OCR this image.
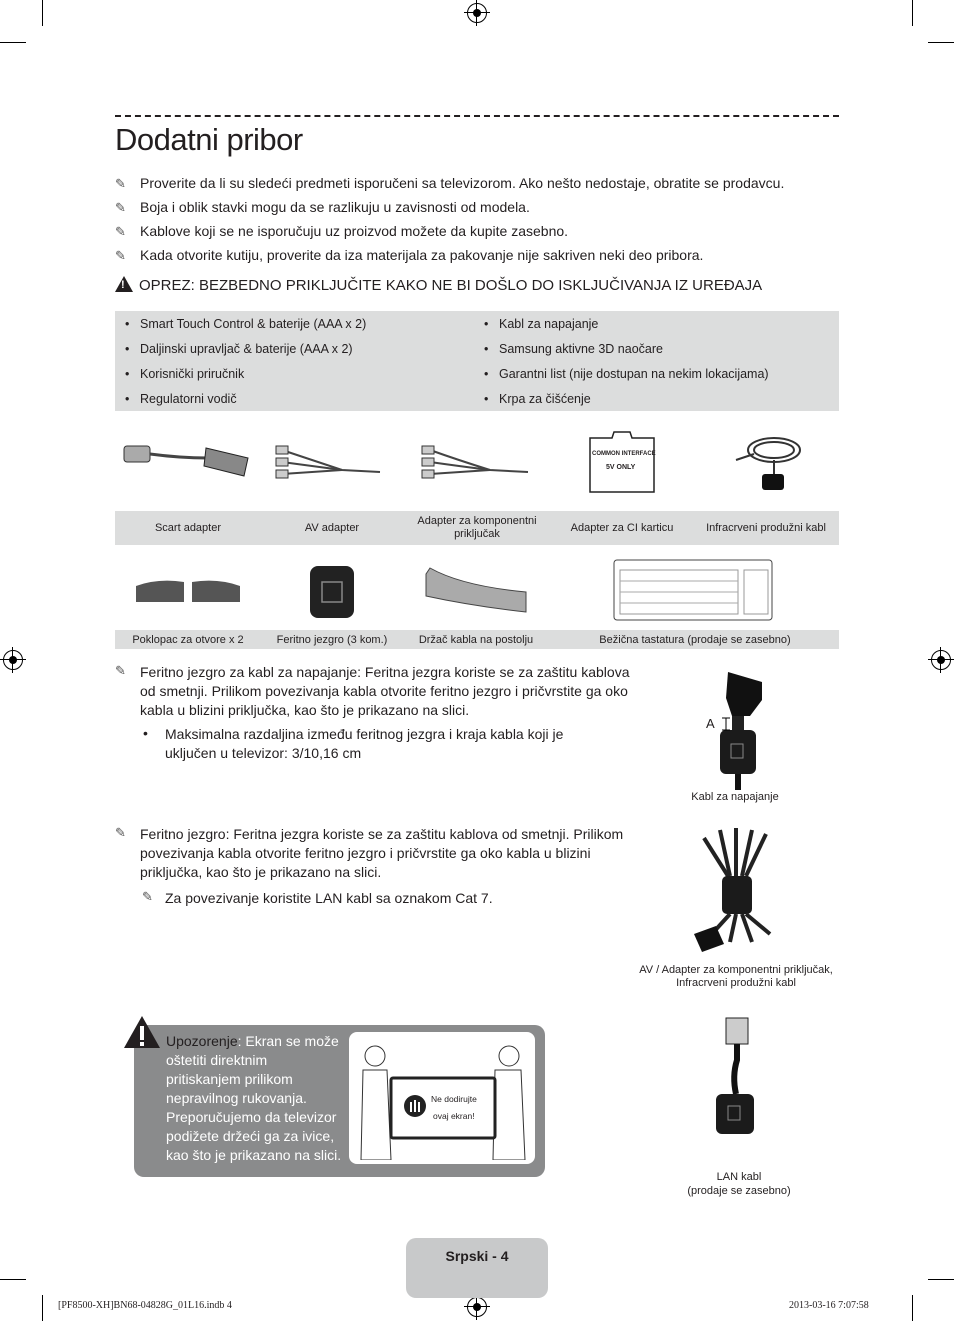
Dodatni pribor
✎ Proverite da li su sledeći predmeti isporučeni sa televizorom. Ako nešto nedostaje, obratite se prodavcu.
✎ Boja i oblik stavki mogu da se razlikuju u zavisnosti od modela.
✎ Kablove koji se ne isporučuju uz proizvod možete da kupite zasebno.
✎ Kada otvorite kutiju, proverite da iza materijala za pakovanje nije sakriven neki deo pribora.
!OPREZ: BEZBEDNO PRIKLJUČITE KAKO NE BI DOŠLO DO ISKLJUČIVANJA IZ UREĐAJA
• Smart Touch Control & baterije (AAA x 2)
• Daljinski upravljač & baterije (AAA x 2)
• Korisnički priručnik
• Regulatorni vodič
• Kabl za napajanje
• Samsung aktivne 3D naočare
• Garantni list (nije dostupan na nekim lokacijama)
• Krpa za čišćenje
COMMON INTERFACE
5V ONLY
Scart adapter	AV adapter
Adapter za komponentni priključak	Adapter za CI karticu	Infracrveni produžni kabl
Poklopac za otvore x 2	Feritno jezgro (3 kom.)	Držač kabla na postolju	Bežična tastatura (prodaje se zasebno)
✎ Feritno jezgro za kabl za napajanje: Feritna jezgra koriste se za zaštitu kablova od smetnji. Prilikom povezivanja kabla otvorite feritno jezgro i pričvrstite ga oko kabla u blizini priključka, kao što je prikazano na slici.
• Maksimalna razdaljina između feritnog jezgra i kraja kabla koji je uključen u televizor: 3/10,16 cm
A
Kabl za napajanje
✎ Feritno jezgro: Feritna jezgra koriste se za zaštitu kablova od smetnji. Prilikom povezivanja kabla otvorite feritno jezgro i pričvrstite ga oko kabla u blizini priključka, kao što je prikazano na slici.
✎ Za povezivanje koristite LAN kabl sa oznakom Cat 7.
AV / Adapter za komponentni priključak, Infracrveni produžni kabl
LAN kabl
(prodaje se zasebno)
Upozorenje: Ekran se može oštetiti direktnim pritiskanjem prilikom nepravilnog rukovanja. Preporučujemo da televizor podižete držeći ga za ivice, kao što je prikazano na slici.
Ne dodirujte
ovaj ekran!
Srpski - 4
[PF8500-XH]BN68-04828G_01L16.indb 4	2013-03-16 7:07:58
